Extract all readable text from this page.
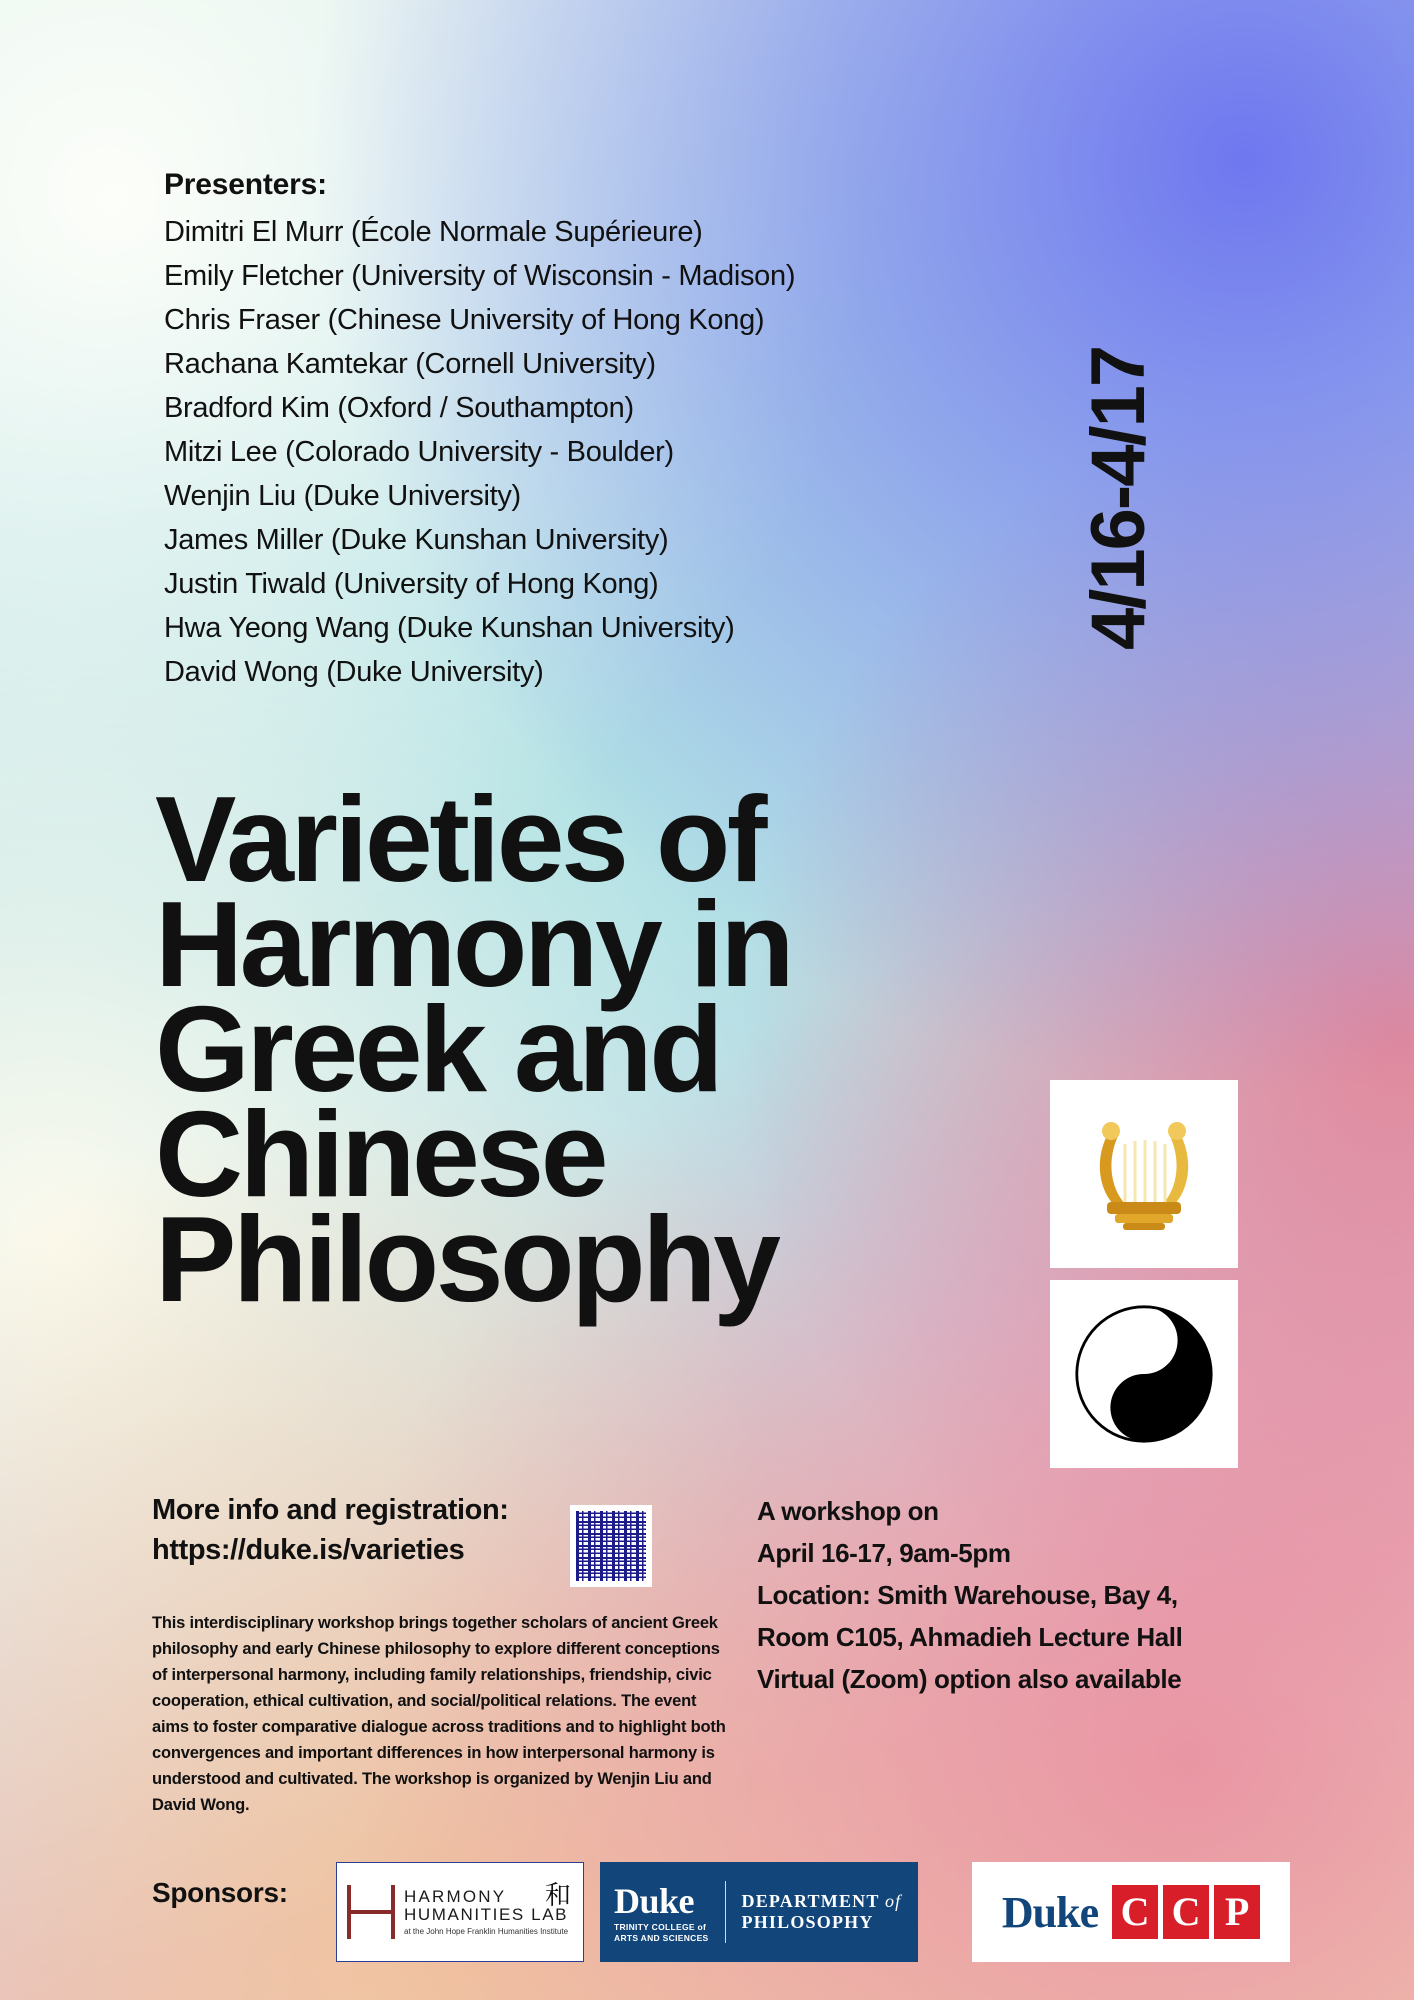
Presenters:
Dimitri El Murr (École Normale Supérieure)
Emily Fletcher (University of Wisconsin - Madison)
Chris Fraser (Chinese University of Hong Kong)
Rachana Kamtekar (Cornell University)
Bradford Kim (Oxford / Southampton)
Mitzi Lee (Colorado University - Boulder)
Wenjin Liu (Duke University)
James Miller (Duke Kunshan University)
Justin Tiwald (University of Hong Kong)
Hwa Yeong Wang (Duke Kunshan University)
David Wong (Duke University)
4/16-4/17
Varieties of
Harmony in
Greek and
Chinese
Philosophy
More info and registration:
https://duke.is/varieties
This interdisciplinary workshop brings together scholars of ancient Greek philosophy and early Chinese philosophy to explore different conceptions of interpersonal harmony, including family relationships, friendship, civic cooperation, ethical cultivation, and social/political relations. The event aims to foster comparative dialogue across traditions and to highlight both convergences and important differences in how interpersonal harmony is understood and cultivated. The workshop is organized by Wenjin Liu and David Wong.
A workshop on
April 16-17, 9am-5pm
Location: Smith Warehouse, Bay 4,
Room C105, Ahmadieh Lecture Hall
Virtual (Zoom) option also available
Sponsors:	HARMONY
HUMANITIES LAB
at the John Hope Franklin Humanities Institute
和	Duke
TRINITY COLLEGE of
ARTS AND SCIENCES
DEPARTMENT of
PHILOSOPHY	Duke C C P
